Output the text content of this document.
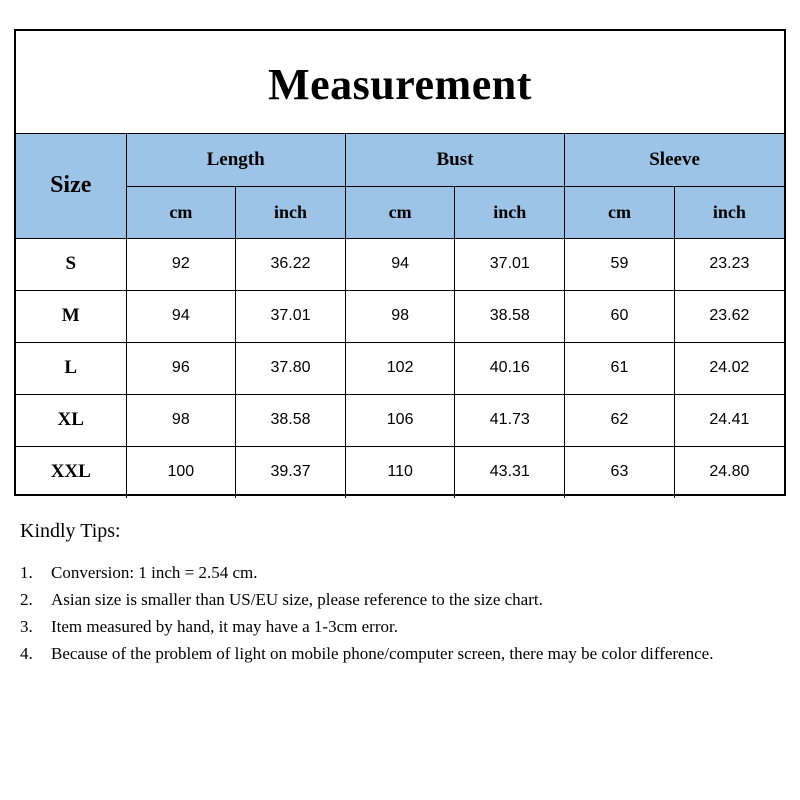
Measurement
Size	Length		Bust		Sleeve	
	cm	inch	cm	inch	cm	inch
S	92	36.22	94	37.01	59	23.23
M	94	37.01	98	38.58	60	23.62
L	96	37.80	102	40.16	61	24.02
XL	98	38.58	106	41.73	62	24.41
XXL	100	39.37	110	43.31	63	24.80
Kindly Tips:
1.	Conversion: 1 inch = 2.54 cm.
2.	Asian size is smaller than US/EU size, please reference to the size chart.
3.	Item measured by hand, it may have a 1-3cm error.
4.	Because of the problem of light on mobile phone/computer screen, there may be color difference.
